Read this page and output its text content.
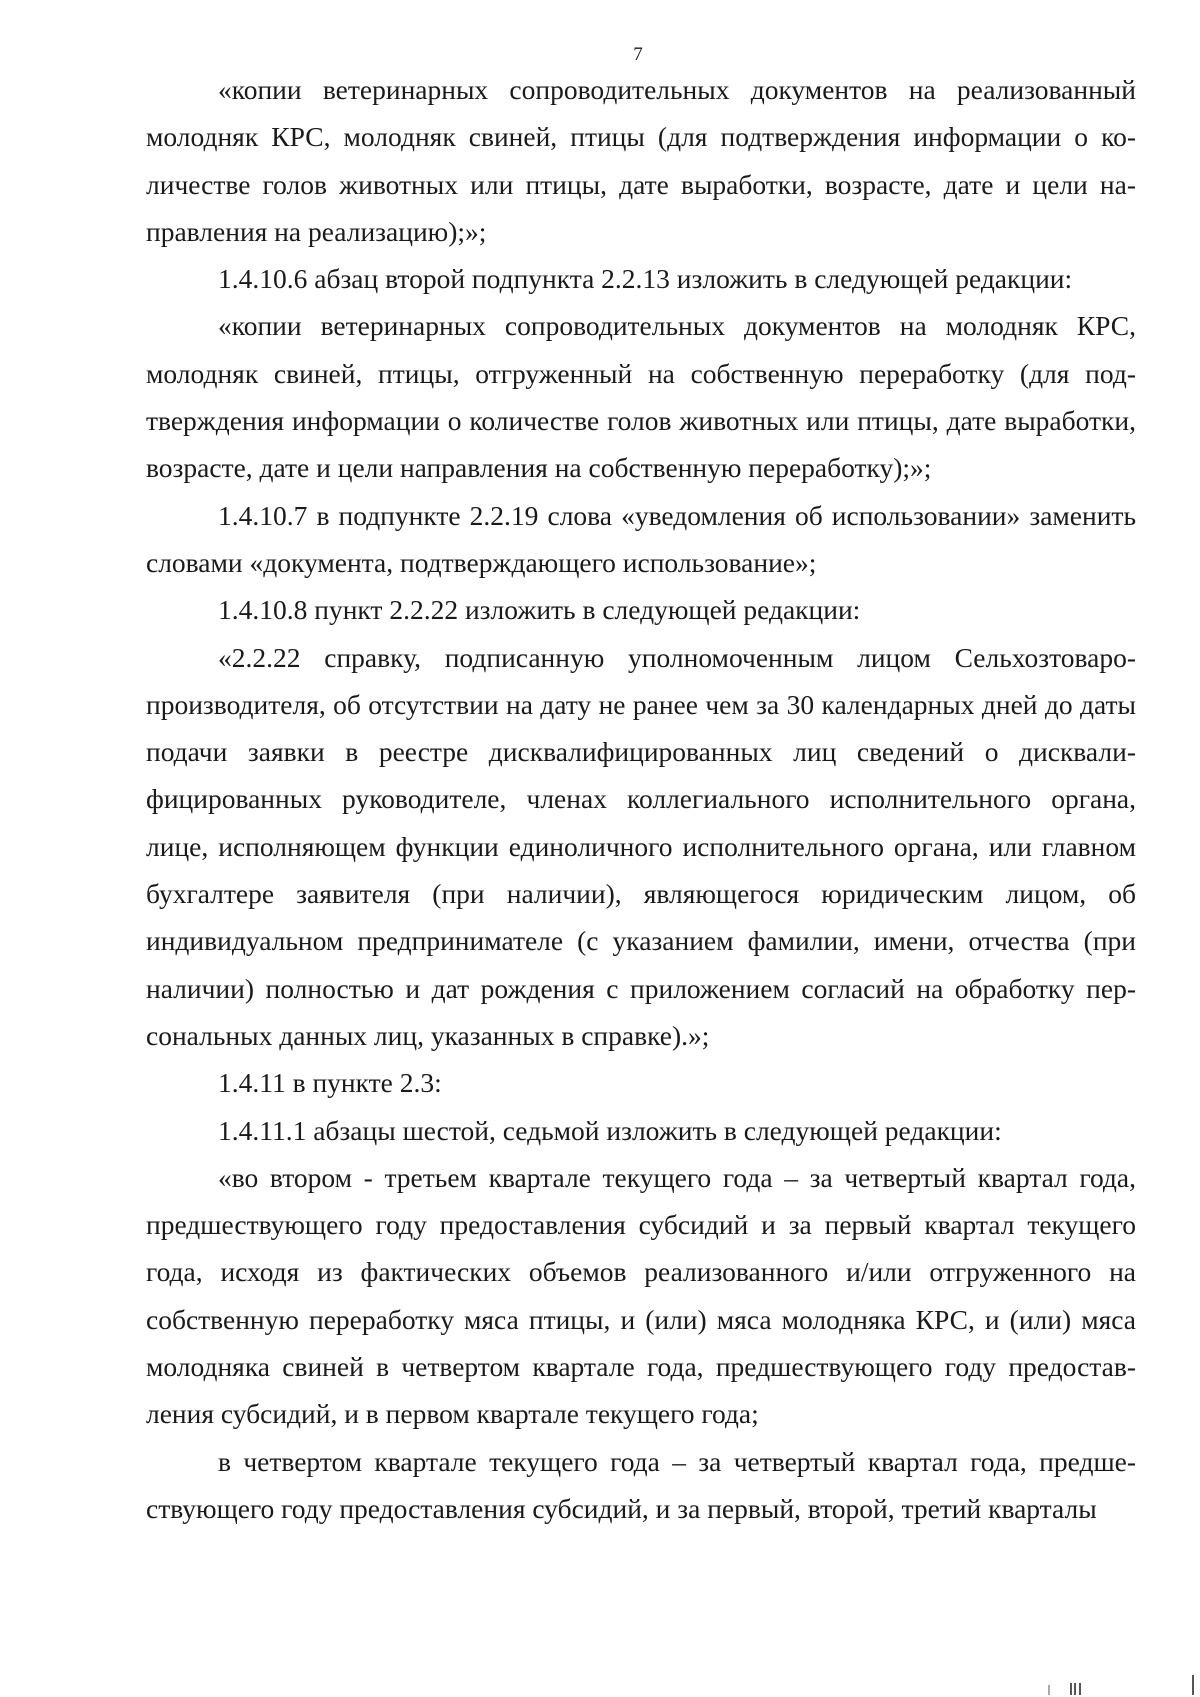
7

«копии ветеринарных сопроводительных документов на реализованный молодняк КРС, молодняк свиней, птицы (для подтверждения информации о количестве голов животных или птицы, дате выработки, возрасте, дате и цели направления на реализацию);»;

1.4.10.6 абзац второй подпункта 2.2.13 изложить в следующей редакции:

«копии ветеринарных сопроводительных документов на молодняк КРС, молодняк свиней, птицы, отгруженный на собственную переработку (для подтверждения информации о количестве голов животных или птицы, дате выработки, возрасте, дате и цели направления на собственную переработку);»;

1.4.10.7 в подпункте 2.2.19 слова «уведомления об использовании» заменить словами «документа, подтверждающего использование»;

1.4.10.8 пункт 2.2.22 изложить в следующей редакции:

«2.2.22 справку, подписанную уполномоченным лицом Сельхозтоваропроизводителя, об отсутствии на дату не ранее чем за 30 календарных дней до даты подачи заявки в реестре дисквалифицированных лиц сведений о дисквалифицированных руководителе, членах коллегиального исполнительного органа, лице, исполняющем функции единоличного исполнительного органа, или главном бухгалтере заявителя (при наличии), являющегося юридическим лицом, об индивидуальном предпринимателе (с указанием фамилии, имени, отчества (при наличии) полностью и дат рождения с приложением согласий на обработку персональных данных лиц, указанных в справке).»;

1.4.11 в пункте 2.3:

1.4.11.1 абзацы шестой, седьмой изложить в следующей редакции:

«во втором - третьем квартале текущего года – за четвертый квартал года, предшествующего году предоставления субсидий и за первый квартал текущего года, исходя из фактических объемов реализованного и/или отгруженного на собственную переработку мяса птицы, и (или) мяса молодняка КРС, и (или) мяса молодняка свиней в четвертом квартале года, предшествующего году предоставления субсидий, и в первом квартале текущего года;

в четвертом квартале текущего года – за четвертый квартал года, предшествующего году предоставления субсидий, и за первый, второй, третий кварталы
